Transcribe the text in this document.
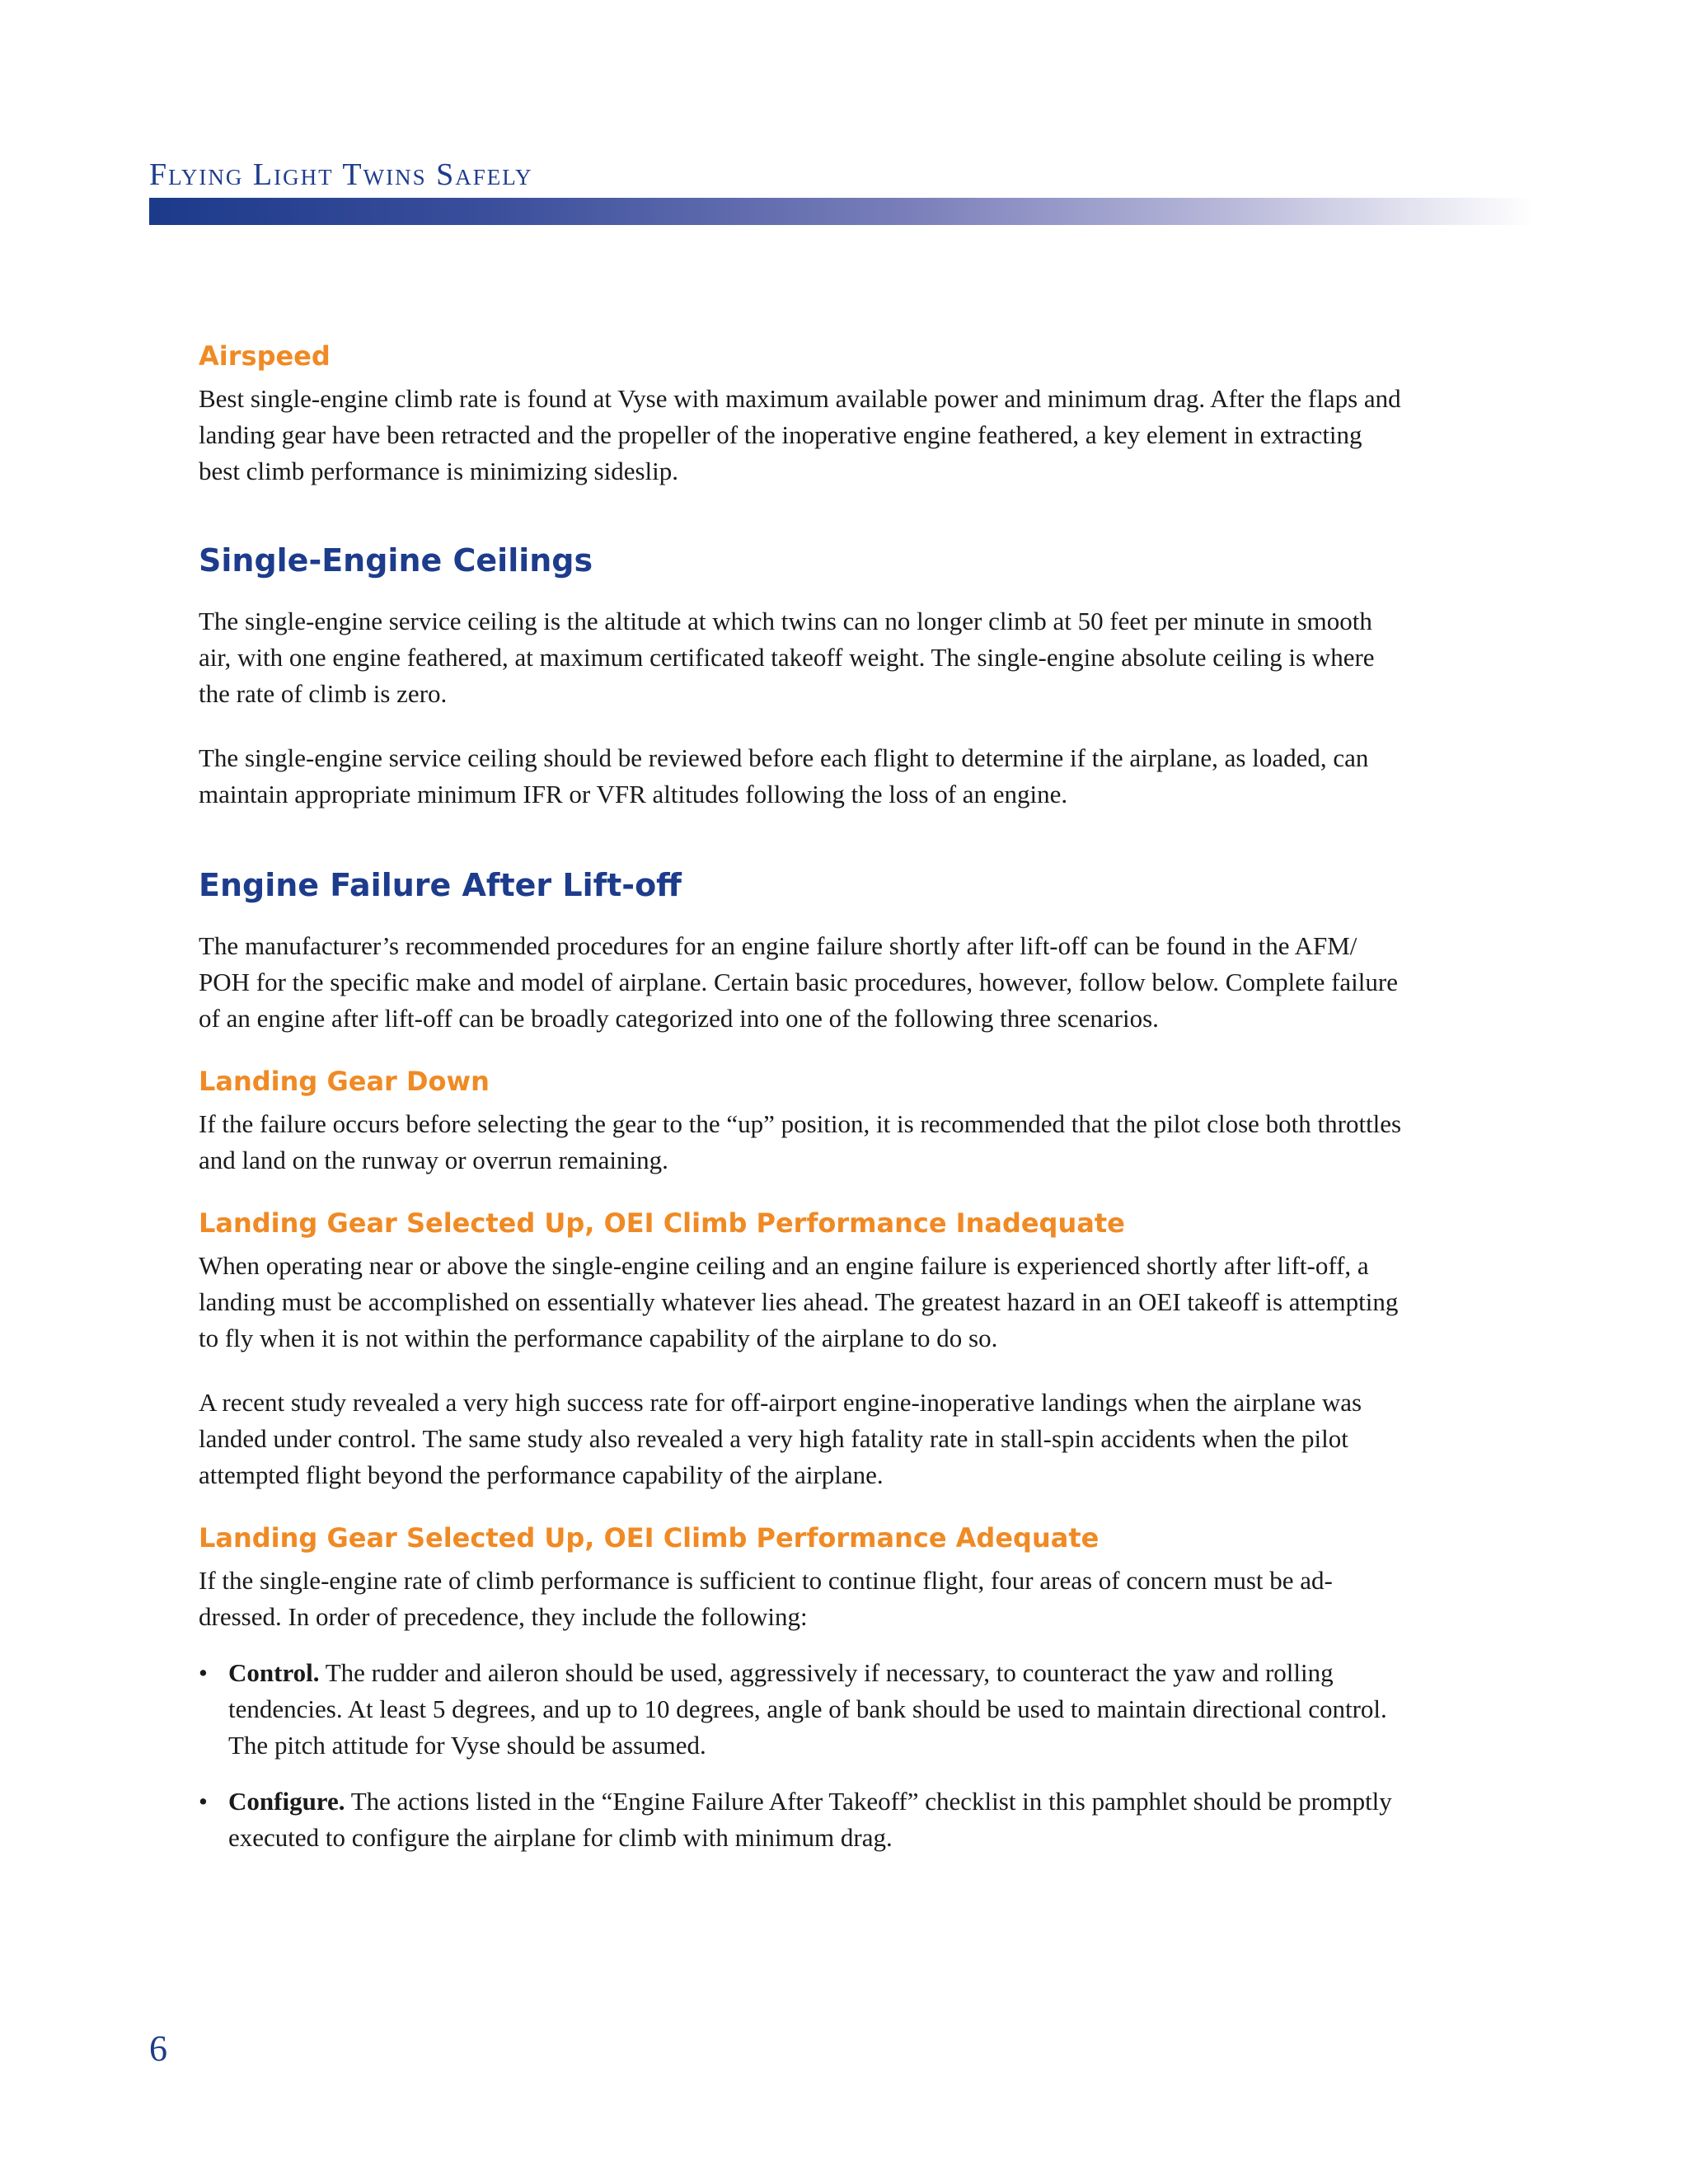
Flying Light Twins Safely
Airspeed

Best single-engine climb rate is found at Vyse with maximum available power and minimum drag. After the flaps and landing gear have been retracted and the propeller of the inoperative engine feathered, a key element in extracting best climb performance is minimizing sideslip.

Single-Engine Ceilings

The single-engine service ceiling is the altitude at which twins can no longer climb at 50 feet per minute in smooth air, with one engine feathered, at maximum certificated takeoff weight. The single-engine absolute ceiling is where the rate of climb is zero.

The single-engine service ceiling should be reviewed before each flight to determine if the airplane, as loaded, can maintain appropriate minimum IFR or VFR altitudes following the loss of an engine.

Engine Failure After Lift-off

The manufacturer’s recommended procedures for an engine failure shortly after lift-off can be found in the AFM/ POH for the specific make and model of airplane. Certain basic procedures, however, follow below. Complete failure of an engine after lift-off can be broadly categorized into one of the following three scenarios.

Landing Gear Down

If the failure occurs before selecting the gear to the “up” position, it is recommended that the pilot close both throttles and land on the runway or overrun remaining.

Landing Gear Selected Up, OEI Climb Performance Inadequate

When operating near or above the single-engine ceiling and an engine failure is experienced shortly after lift-off, a landing must be accomplished on essentially whatever lies ahead. The greatest hazard in an OEI takeoff is attempting to fly when it is not within the performance capability of the airplane to do so.

A recent study revealed a very high success rate for off-airport engine-inoperative landings when the airplane was landed under control. The same study also revealed a very high fatality rate in stall-spin accidents when the pilot attempted flight beyond the performance capability of the airplane.

Landing Gear Selected Up, OEI Climb Performance Adequate

If the single-engine rate of climb performance is sufficient to continue flight, four areas of concern must be ad-dressed. In order of precedence, they include the following:

• Control. The rudder and aileron should be used, aggressively if necessary, to counteract the yaw and rolling tendencies. At least 5 degrees, and up to 10 degrees, angle of bank should be used to maintain directional control. The pitch attitude for Vyse should be assumed.
• Configure. The actions listed in the “Engine Failure After Takeoff” checklist in this pamphlet should be promptly executed to configure the airplane for climb with minimum drag.
6
